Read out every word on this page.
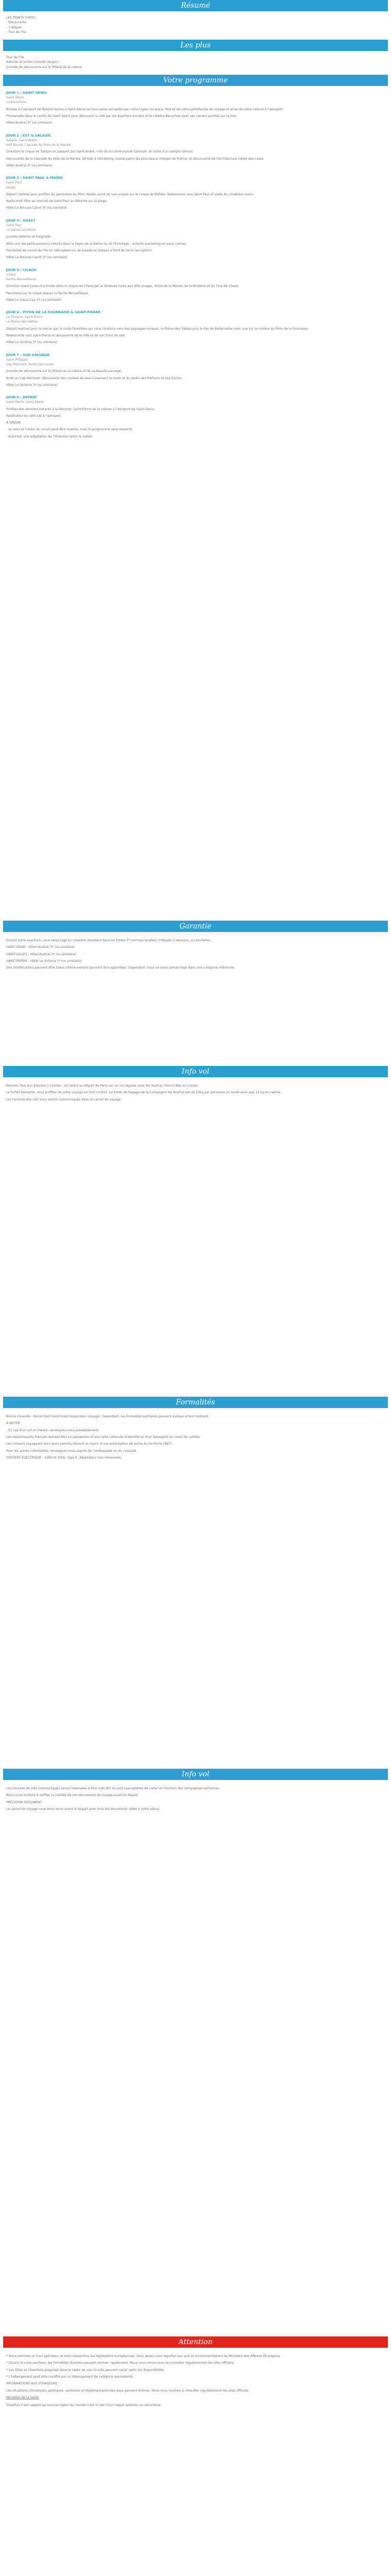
Résumé
LES POINTS FORTS :
- Découverte
- 3 étapes
- Tour de l'Ile
Les plus
Tour de l'Ile
Admirer le lacher-canyide Vergera
Journée de découverte sur le littéral de la nature
Votre programme
JOUR 1 : SAINT DENIS
Saint Denis
La Barachois

Arrivée à l'aéroport de Roland Garros à Saint-Denis où vous serez accueillis par notre logeur ou place. Retrait de votre portefeuille de voyage et prise de votre voiture à l'aéroport.

Promenade dans le centre de Saint Denis pour découvrir la ville par les quartiers anciens et le célèbre Barachois avec ses canons pointés sur la mer.

Hôtel Austral 3* (ou similaire)

JOUR 2 : EST & SALAZIE
Salazie, Saint-Andre
Hell Bourg, Cascade du Voile de la Mariée

Direction le cirque de Salazie en passant par Saint-André, ville de la communauté tamoule, et visite d'un temple tamoul.

Découverte de la Cascade du Voile de la Mariée. Arrivée à Hell-Bourg, classé parmi les plus beaux villages de France, et découverte de l'architecture créole des cases.

Hôtel Austral 3* (ou similaire)

JOUR 3 : SAINT PAUL & MAÏDO
Saint Paul
Maïdo

Départ matinal pour profiter du panorama du Piton Maïdo, point de vue unique sur le cirque de Mafate. Redescente vers Saint-Paul et visite du cimetière marin.

Après-midi libre au marché de Saint-Paul ou détente sur la plage.

Hôtel Le Boucan Canot 3* (ou similaire)

JOUR 4 : OUEST
Saint Paul
La Saline-Les-Bains

Journée détente et baignade.

Allez voir les petits poissons colorés dans le lagon de la Saline ou de l'Ermitage : activité snorkeling en eaux calmes.

Possibilité de survol de l'île en hélicoptère ou de balade en bateau à fond de verre (en option).

Hôtel Le Boucan Canot 3* (ou similaire)

JOUR 5 : CILAOS
Cilaos
Roche Merveilleuse

Direction Saint-Louis et montée dans le cirque de Cilaos par la fameuse route aux 400 virages. Visite de la Maison de la Broderie et du Chai de Cilaos.

Panorama sur le cirque depuis la Roche Merveilleuse.

Hôtel Le Vieux Cep 3* (ou similaire)

JOUR 6 : PITON DE LA FOURNAISE & SAINT-PIERRE
Le Tampon, Saint-Pierre
La Plaine des Sables

Départ matinal pour le volcan par la route forestière qui vous conduira vers des paysages uniques, la Plaine des Sables puis le Pas de Bellecombe avec vue sur le cratère du Piton de la Fournaise.

Redescente vers Saint-Pierre et découverte de la ville et de son front de mer.

Hôtel Le Victoria 3* (ou similaire)

JOUR 7 : SUD SAUVAGE
Saint-Philippe
Cap Méchant, Route des Laves

Journée de découverte sur le littoral de la nature et de sa beauté sauvage.

Arrêt au Cap Méchant, découverte des coulées de lave traversant la route et du Jardin des Parfums et des Épices.

Hôtel Le Victoria 3* (ou similaire)

JOUR 8 : DÉPART
Saint Pierre, Saint Denis

Profitez des derniers instants à la Réunion. Saint-Pierre de la voiture à l'aéroport de Saint-Denis.

Restitution du véhicule à l'aéroport.

À SAVOIR :

- Le sens et l'ordre du circuit peut être inversé, mais le programme sera respecté.

- Autoriser une adaptation de l'itinéraire selon la météo.

Garantie

Durant votre aventure, vous serez logé en chambre standard dans les hôtels 3* (normes locales), indiqués ci-dessous, ou similaires :

SAINT-DENIS : Hôtel Austral 3* (ou similaire)

SAINT-GILLES : Hôtel Austral 3* (ou similaire)

SAINT-PIERRE : Hôtel Le Victoria 3* (ou similaire)

Des modifications peuvent être faites ultérieurement pouvant être apportées. Cependant, vous ne serez jamais logé dans une catégorie inférieure.

Info vol

Réunion Plus Sun Express 2 Combo : vol direct au départ de Paris sur un vol régulier avec Air Austral, French Bee ou Corsair.

Le forfait Desserte, vous profitez de votre voyage en tout confort. La limite de bagage de la Compagnie Air Austral est de 23kg par personne en soute ainsi que 12 kg en cabine.

Les horaires des vols vous seront communiqués dans le carnet de voyage.

Formalités

Bonne nouvelle : Aucun test Covid n'est requis pour voyager. Cependant, les formalités sanitaires peuvent évoluer à tout moment.

À NOTER :

- En cas d'un vol en transit, renseignez-vous préalablement.

Les ressortissants français doivent être en possession d'une carte nationale d'identité ou d'un passeport en cours de validité.

Les mineurs voyageant sans leurs parents doivent se munir d'une autorisation de sortie du territoire (AST).

Pour les autres nationalités, renseignez-vous auprès de l'ambassade ou du consulat.

COUVERT ÉLECTRIQUE : 220V et 50Hz. Type E. Adaptateur non nécessaire.

Info vol

Les horaires de vols communiqués seront réservées à titre indicatif. Ils sont susceptibles de varier en fonction des compagnies aériennes.

Nous vous invitons à vérifier la validité de vos documents de voyage avant le départ.

PRÉCISION DOCUMENT :

Le carnet de voyage vous sera remis avant le départ avec tous les documents utiles à votre séjour.

Attention

* Nous sommes un tour opérateur et nous respectons les législations européennes. Vous devez vous reporter aux avis et recommandations du Ministère des Affaires Étrangères.

* Durant la crise sanitaire, les formalités d'entrée peuvent évoluer rapidement. Nous vous remercions de consulter régulièrement les sites officiels.

* Les Gîtes et Chambres proposés dans le cadre de nos circuits peuvent varier selon les disponibilités.

* L'hébergement peut être modifié par un hébergement de catégorie équivalente.

INFORMATIONS AUX VOYAGEURS :

Les situations climatiques, politiques, sanitaires et réglementaires des pays peuvent évoluer. Nous vous invitons à consulter régulièrement les sites officiels.

Ministère de la Santé

Toutefois il est rappelé qu'aucune région du monde n'est à l'abri d'un risque sanitaire ou sécuritaire.
